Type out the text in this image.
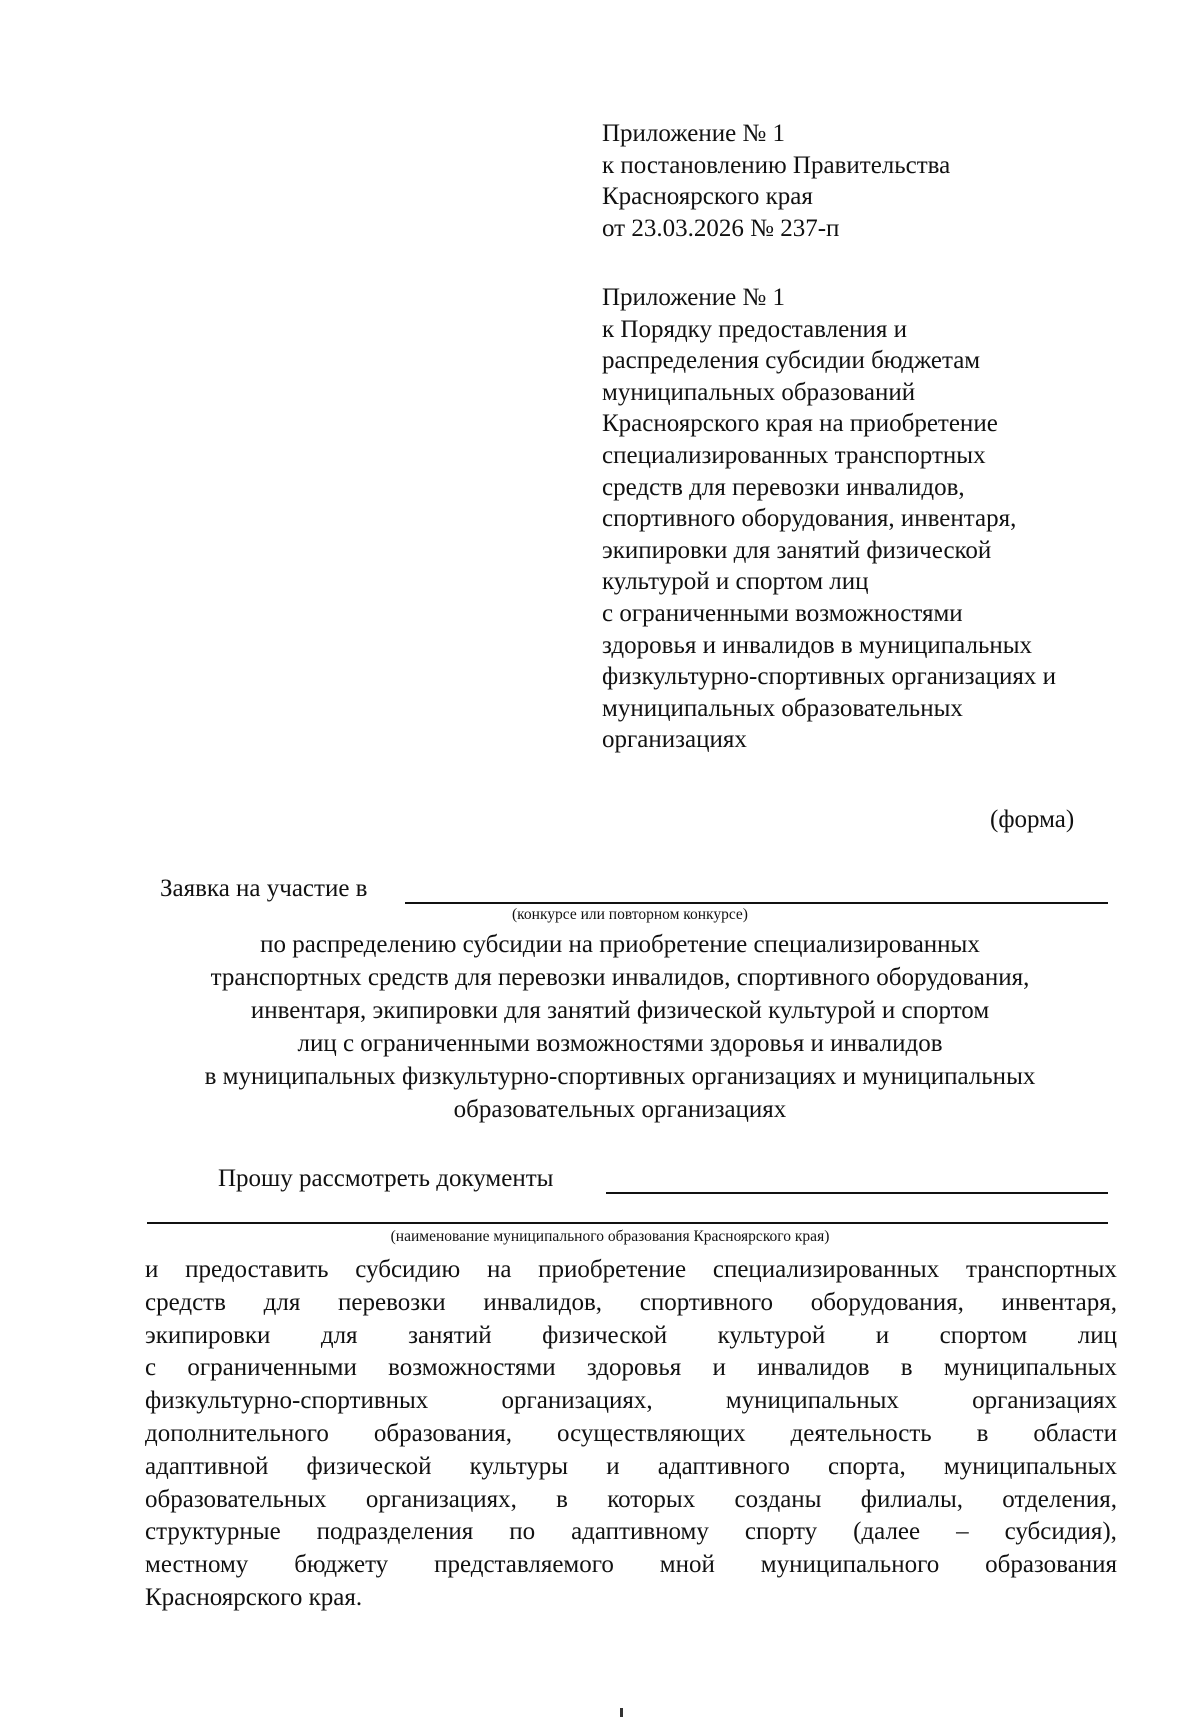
Приложение № 1
к постановлению Правительства
Красноярского края
от 23.03.2026 № 237-п
Приложение № 1
к Порядку предоставления и
распределения субсидии бюджетам
муниципальных образований
Красноярского края на приобретение
специализированных транспортных
средств для перевозки инвалидов,
спортивного оборудования, инвентаря,
экипировки для занятий физической
культурой и спортом лиц
с ограниченными возможностями
здоровья и инвалидов в муниципальных
физкультурно-спортивных организациях и
муниципальных образовательных
организациях
(форма)
Заявка на участие в
(конкурсе или повторном конкурсе)
по распределению субсидии на приобретение специализированных
транспортных средств для перевозки инвалидов, спортивного оборудования,
инвентаря, экипировки для занятий физической культурой и спортом
лиц с ограниченными возможностями здоровья и инвалидов
в муниципальных физкультурно-спортивных организациях и муниципальных
образовательных организациях
Прошу рассмотреть документы
(наименование муниципального образования Красноярского края)
и предоставить субсидию на приобретение специализированных транспортных
средств для перевозки инвалидов, спортивного оборудования, инвентаря,
экипировки для занятий физической культурой и спортом лиц
с ограниченными возможностями здоровья и инвалидов в муниципальных
физкультурно-спортивных	организациях,	муниципальных	организациях
дополнительного образования, осуществляющих деятельность в области
адаптивной физической культуры и адаптивного спорта, муниципальных
образовательных организациях, в которых созданы филиалы, отделения,
структурные подразделения по адаптивному спорту (далее – субсидия),
местному бюджету представляемого мной муниципального образования
Красноярского края.
